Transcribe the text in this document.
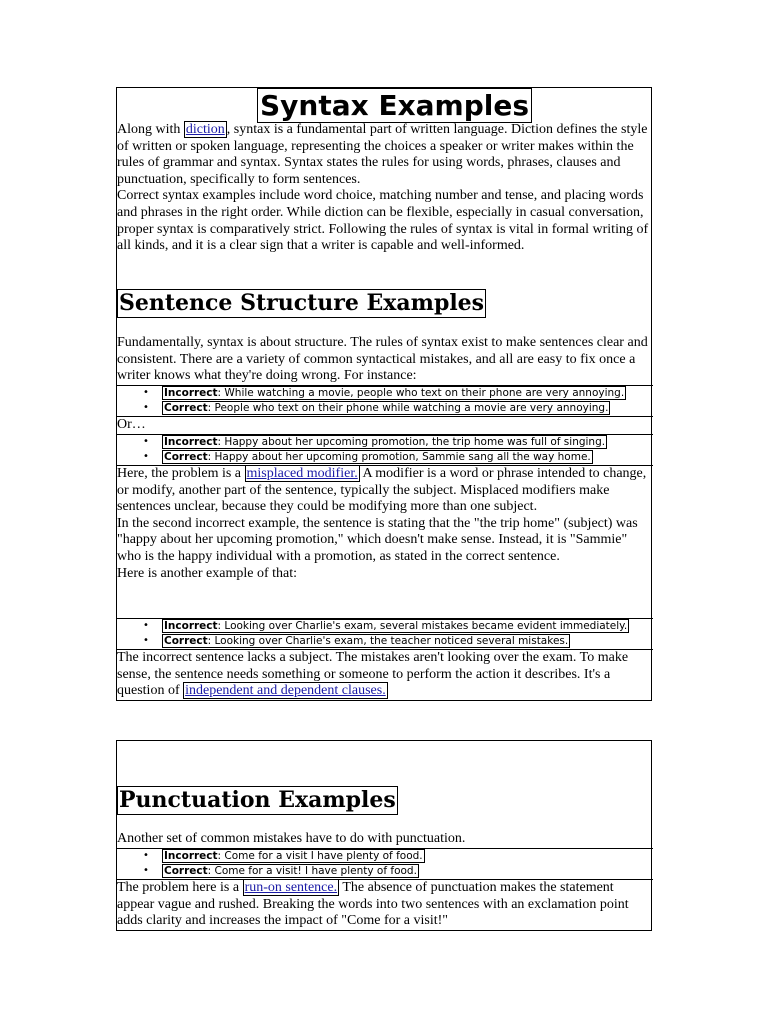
Syntax Examples

Along with diction , syntax is a fundamental part of written language. Diction defines the style of written or spoken language, representing the choices a speaker or writer makes within the rules of grammar and syntax. Syntax states the rules for using words, phrases, clauses and punctuation, specifically to form sentences.

Correct syntax examples include word choice, matching number and tense, and placing words and phrases in the right order. While diction can be flexible, especially in casual conversation, proper syntax is comparatively strict. Following the rules of syntax is vital in formal writing of all kinds, and it is a clear sign that a writer is capable and well-informed.

Sentence Structure Examples

Fundamentally, syntax is about structure. The rules of syntax exist to make sentences clear and consistent. There are a variety of common syntactical mistakes, and all are easy to fix once a writer knows what they're doing wrong. For instance:

• Incorrect: While watching a movie, people who text on their phone are very annoying.
• Correct: People who text on their phone while watching a movie are very annoying.

Or…

• Incorrect: Happy about her upcoming promotion, the trip home was full of singing.
• Correct: Happy about her upcoming promotion, Sammie sang all the way home.

Here, the problem is a misplaced modifier. A modifier is a word or phrase intended to change, or modify, another part of the sentence, typically the subject. Misplaced modifiers make sentences unclear, because they could be modifying more than one subject.

In the second incorrect example, the sentence is stating that the "the trip home" (subject) was "happy about her upcoming promotion," which doesn't make sense. Instead, it is "Sammie" who is the happy individual with a promotion, as stated in the correct sentence.

Here is another example of that:

• Incorrect: Looking over Charlie's exam, several mistakes became evident immediately.
• Correct: Looking over Charlie's exam, the teacher noticed several mistakes.

The incorrect sentence lacks a subject. The mistakes aren't looking over the exam. To make sense, the sentence needs something or someone to perform the action it describes. It's a question of independent and dependent clauses.

Punctuation Examples

Another set of common mistakes have to do with punctuation.

• Incorrect: Come for a visit I have plenty of food.
• Correct: Come for a visit! I have plenty of food.

The problem here is a run-on sentence. The absence of punctuation makes the statement appear vague and rushed. Breaking the words into two sentences with an exclamation point adds clarity and increases the impact of "Come for a visit!"
